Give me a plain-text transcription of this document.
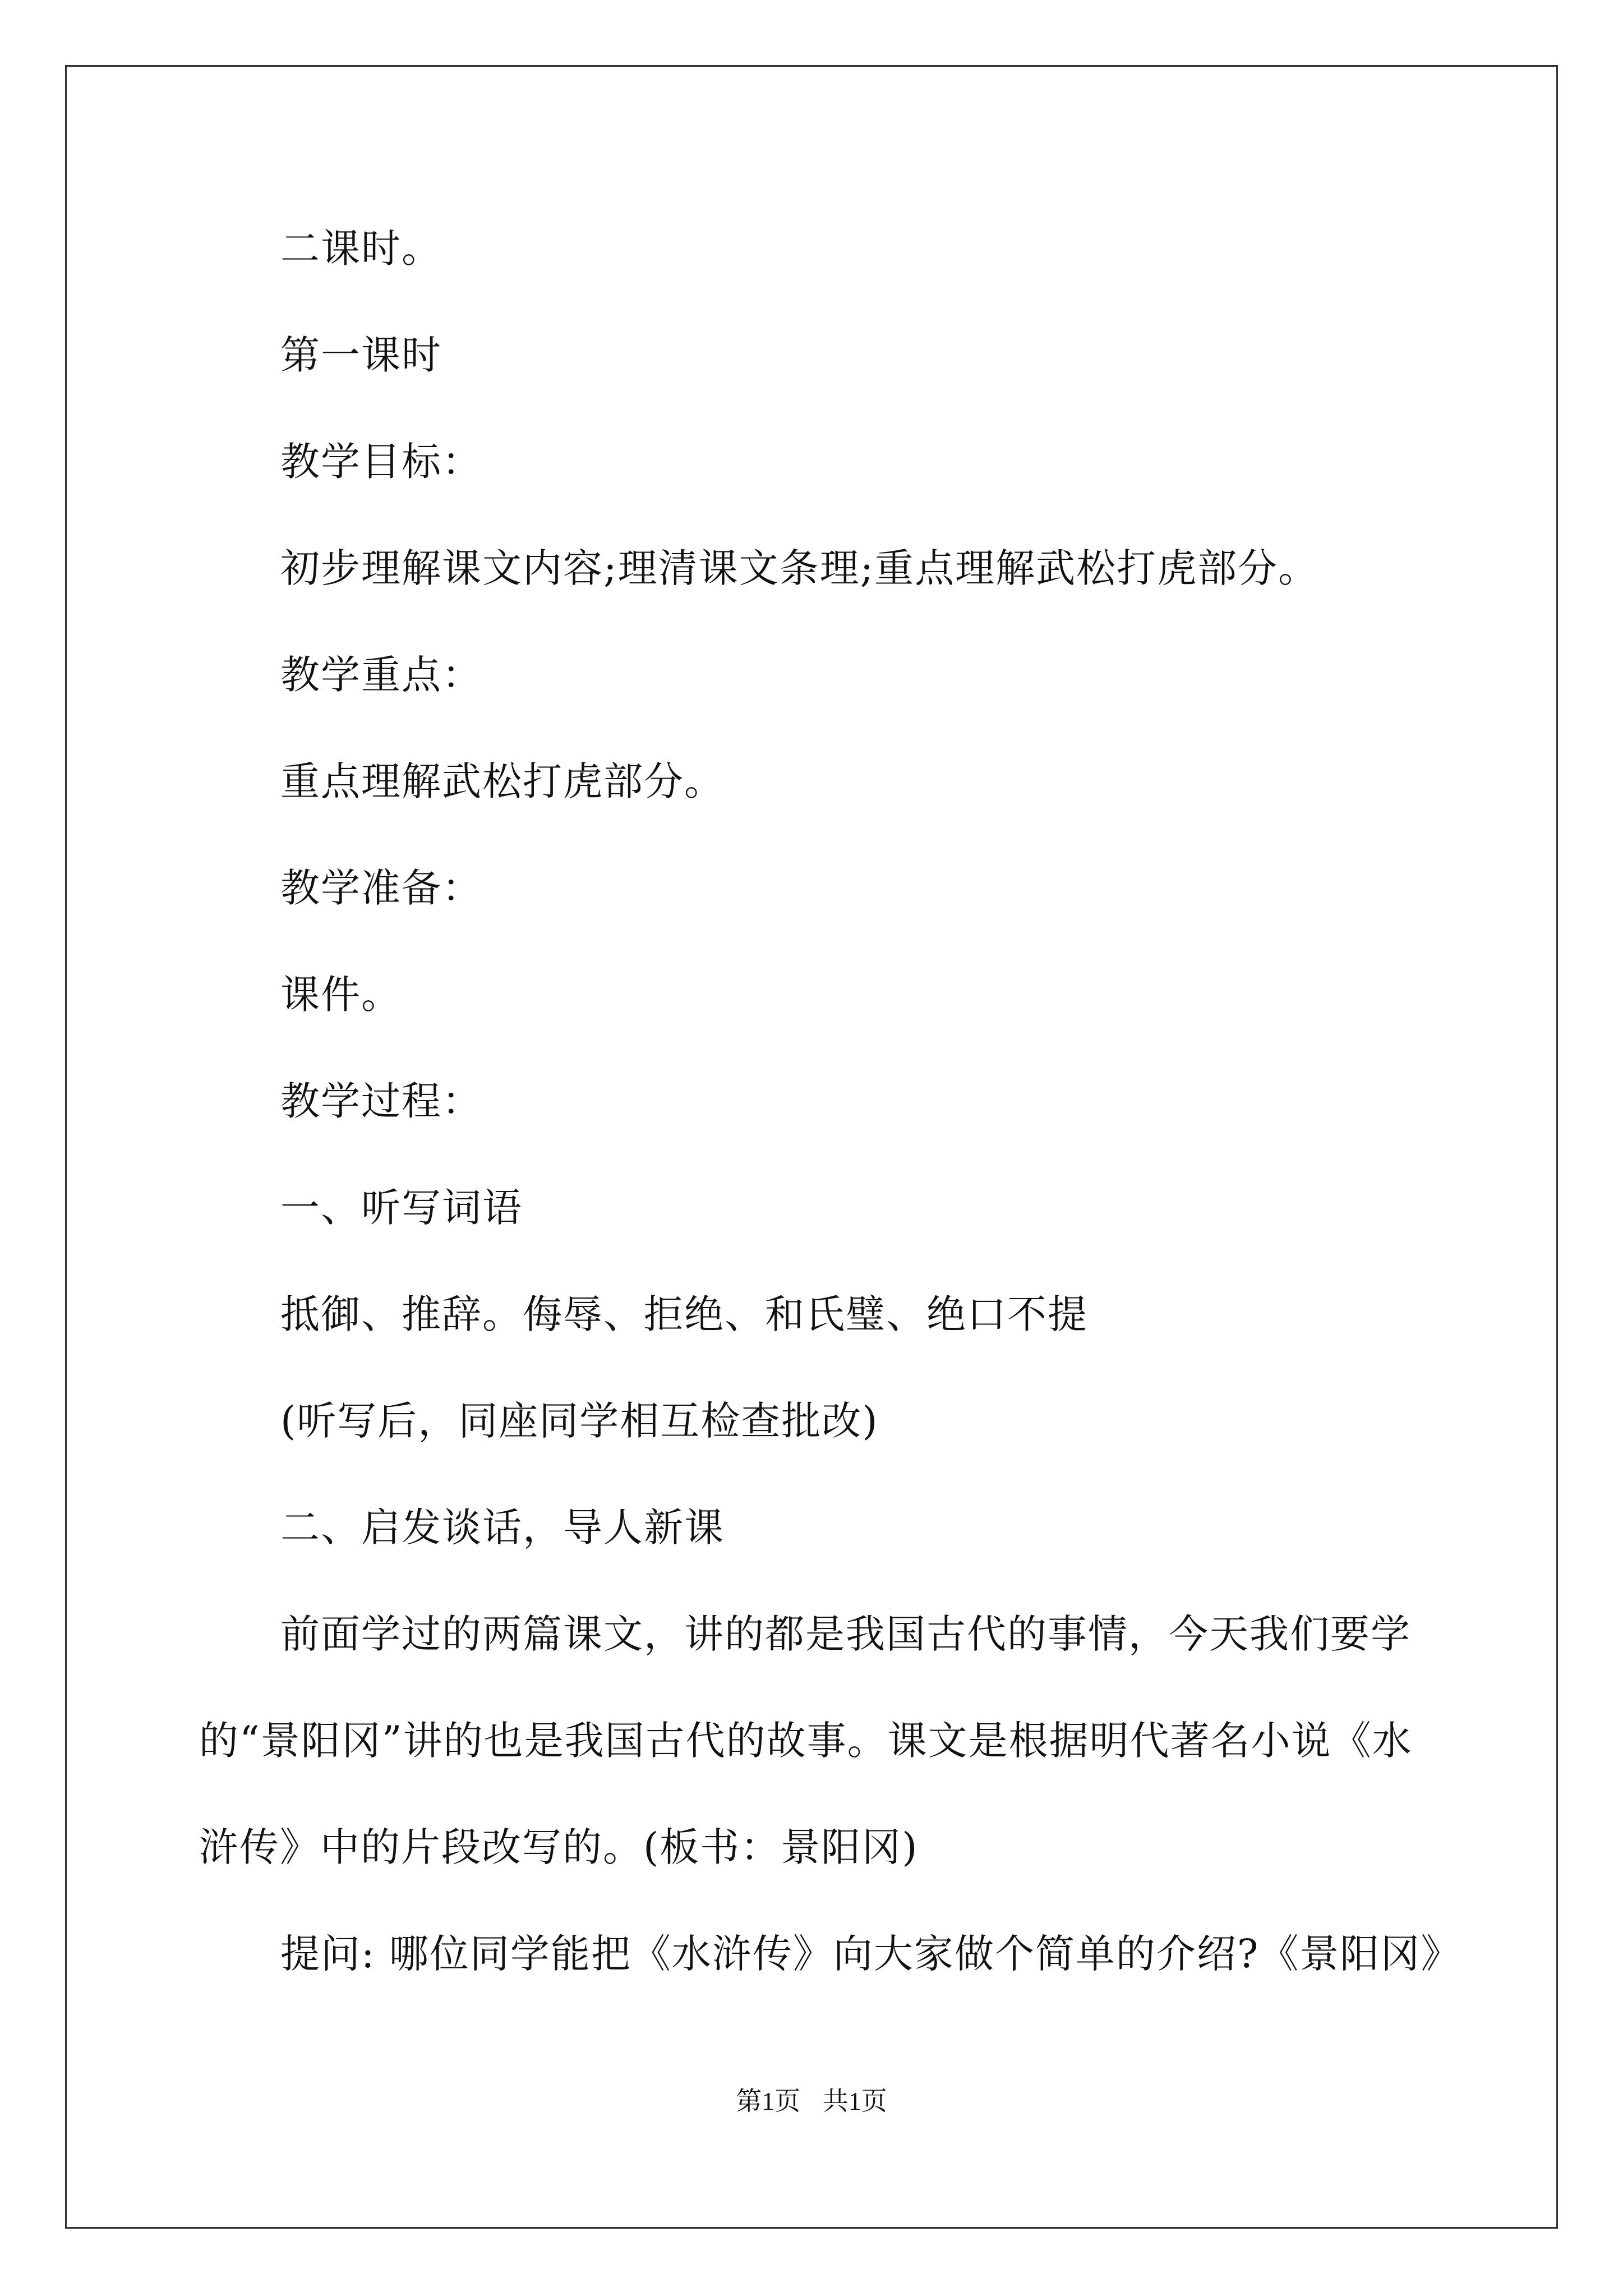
二课时。
第一课时
教学目标：
初步理解课文内容;理清课文条理;重点理解武松打虎部分。
教学重点：
重点理解武松打虎部分。
教学准备：
课件。
教学过程：
一、听写词语
抵御、推辞。侮辱、拒绝、和氏璧、绝口不提
(听写后，同座同学相互检查批改)
二、启发谈话，导人新课
前面学过的两篇课文，讲的都是我国古代的事情，今天我们要学
的“景阳冈”讲的也是我国古代的故事。课文是根据明代著名小说《水
浒传》中的片段改写的。(板书：景阳冈)
提问: 哪位同学能把《水浒传》向大家做个简单的介绍?《景阳冈》
第1页 共1页
